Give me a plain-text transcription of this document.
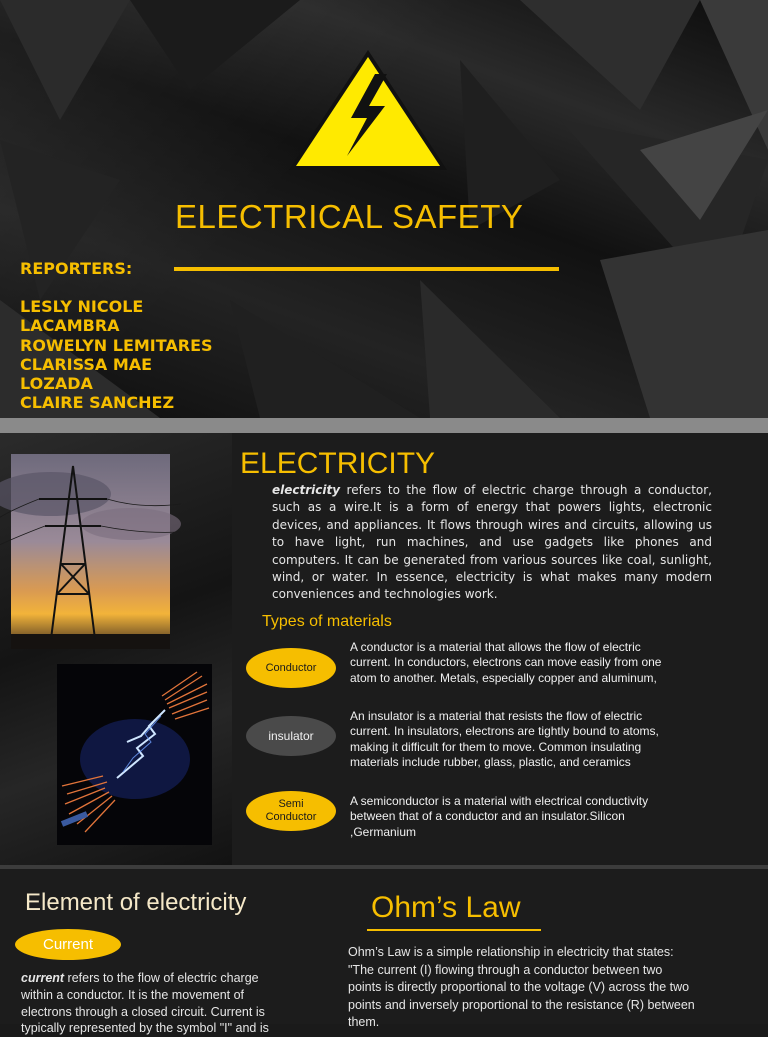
ELECTRICAL SAFETY
REPORTERS:
LESLY NICOLE
LACAMBRA
ROWELYN LEMITARES
CLARISSA MAE
LOZADA
CLAIRE SANCHEZ
ELECTRICITY

electricity refers to the flow of electric charge through a conductor, such as a wire.It is a form of energy that powers lights, electronic devices, and appliances. It flows through wires and circuits, allowing us to have light, run machines, and use gadgets like phones and computers. It can be generated from various sources like coal, sunlight, wind, or water. In essence, electricity is what makes many modern conveniences and technologies work.

Types of materials
Conductor

A conductor is a material that allows the flow of electric current. In conductors, electrons can move easily from one atom to another. Metals, especially copper and aluminum,

insulator

An insulator is a material that resists the flow of electric current. In insulators, electrons are tightly bound to atoms, making it difficult for them to move. Common insulating materials include rubber, glass, plastic, and ceramics

Semi Conductor

A semiconductor is a material with electrical conductivity between that of a conductor and an insulator.Silicon ,Germanium

Element of electricity
Current

current refers to the flow of electric charge within a conductor. It is the movement of electrons through a closed circuit. Current is typically represented by the symbol "I" and is

Ohm’s Law

Ohm’s Law is a simple relationship in electricity that states: "The current (I) flowing through a conductor between two points is directly proportional to the voltage (V) across the two points and inversely proportional to the resistance (R) between them.
